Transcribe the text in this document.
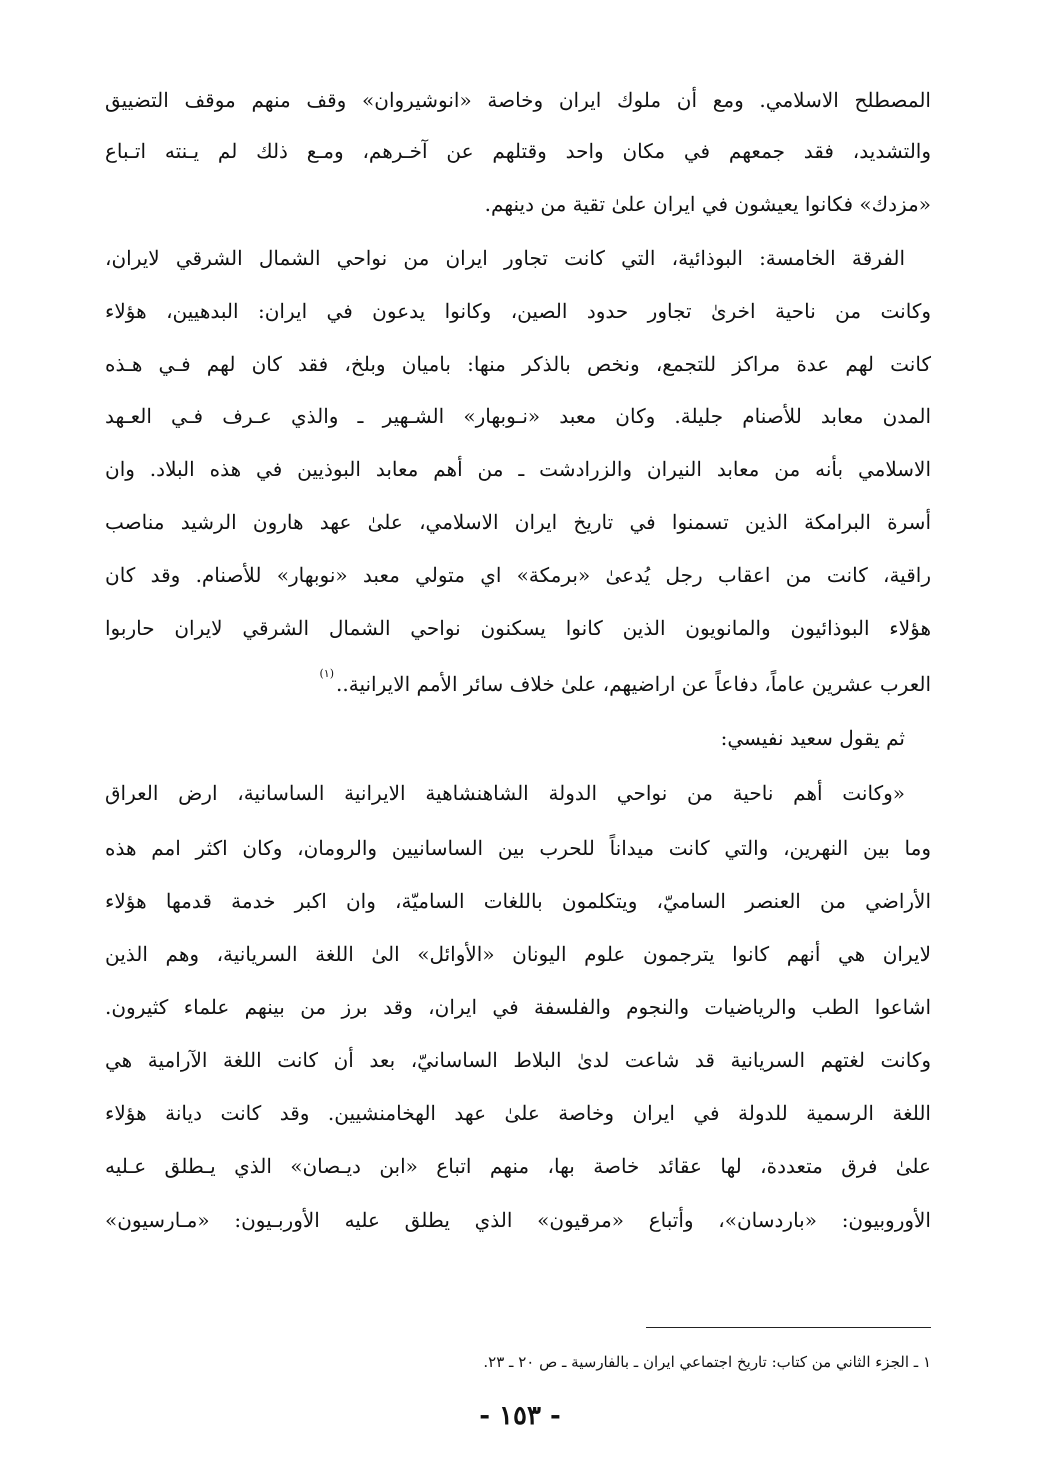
المصطلح الاسلامي. ومع أن ملوك ايران وخاصة «انوشيروان» وقف منهم موقف التضييق
والتشديد، فقد جمعهم في مكان واحد وقتلهم عن آخـرهم، ومـع ذلك لم يـنته اتـباع
«مزدك» فكانوا يعيشون في ايران علىٰ تقية من دينهم.
الفرقة الخامسة: البوذائية، التي كانت تجاور ايران من نواحي الشمال الشرقي لايران،
وكانت من ناحية اخرىٰ تجاور حدود الصين، وكانوا يدعون في ايران: البدهيين، هؤلاء
كانت لهم عدة مراكز للتجمع، ونخص بالذكر منها: باميان وبلخ، فقد كان لهم فـي هـذه
المدن معابد للأصنام جليلة. وكان معبد «نـوبهار» الشـهير ـ والذي عـرف فـي العـهد
الاسلامي بأنه من معابد النيران والزرادشت ـ من أهم معابد البوذيين في هذه البلاد. وان
أسرة البرامكة الذين تسمنوا في تاريخ ايران الاسلامي، علىٰ عهد هارون الرشيد مناصب
راقية، كانت من اعقاب رجل يُدعىٰ «برمكة» اي متولي معبد «نوبهار» للأصنام. وقد كان
هؤلاء البوذائيون والمانويون الذين كانوا يسكنون نواحي الشمال الشرقي لايران حاربوا
العرب عشرين عاماً، دفاعاً عن اراضيهم، علىٰ خلاف سائر الأمم الايرانية..$^{(١)}$
ثم يقول سعيد نفيسي:
«وكانت أهم ناحية من نواحي الدولة الشاهنشاهية الايرانية الساسانية، ارض العراق
وما بين النهرين، والتي كانت ميداناً للحرب بين الساسانيين والرومان، وكان اكثر امم هذه
الأراضي من العنصر الساميّ، ويتكلمون باللغات الساميّة، وان اكبر خدمة قدمها هؤلاء
لايران هي أنهم كانوا يترجمون علوم اليونان «الأوائل» الىٰ اللغة السريانية، وهم الذين
اشاعوا الطب والرياضيات والنجوم والفلسفة في ايران، وقد برز من بينهم علماء كثيرون.
وكانت لغتهم السريانية قد شاعت لدىٰ البلاط الساسانيّ، بعد أن كانت اللغة الآرامية هي
اللغة الرسمية للدولة في ايران وخاصة علىٰ عهد الهخامنشيين. وقد كانت ديانة هؤلاء
علىٰ فرق متعددة، لها عقائد خاصة بها، منهم اتباع «ابن ديـصان» الذي يـطلق عـليه
الأوروبيون: «باردسان»، وأتباع «مرقيون» الذي يطلق عليه الأوربـيون: «مـارسيون»
١ ـ الجزء الثاني من كتاب: تاريخ اجتماعي ايران ـ بالفارسية ـ ص ٢٠ ـ ٢٣.
- ١٥٣ -
